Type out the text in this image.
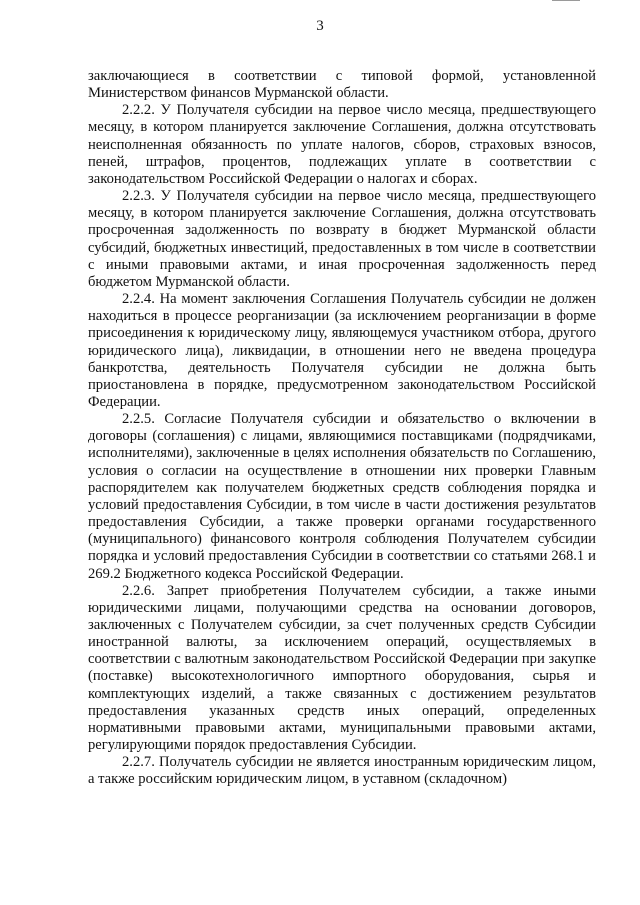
3

заключающиеся в соответствии с типовой формой, установленной Министерством финансов Мурманской области.

2.2.2. У Получателя субсидии на первое число месяца, предшествующего месяцу, в котором планируется заключение Соглашения, должна отсутствовать неисполненная обязанность по уплате налогов, сборов, страховых взносов, пеней, штрафов, процентов, подлежащих уплате в соответствии с законодательством Российской Федерации о налогах и сборах.

2.2.3. У Получателя субсидии на первое число месяца, предшествующего месяцу, в котором планируется заключение Соглашения, должна отсутствовать просроченная задолженность по возврату в бюджет Мурманской области субсидий, бюджетных инвестиций, предоставленных в том числе в соответствии с иными правовыми актами, и иная просроченная задолженность перед бюджетом Мурманской области.

2.2.4. На момент заключения Соглашения Получатель субсидии не должен находиться в процессе реорганизации (за исключением реорганизации в форме присоединения к юридическому лицу, являющемуся участником отбора, другого юридического лица), ликвидации, в отношении него не введена процедура банкротства, деятельность Получателя субсидии не должна быть приостановлена в порядке, предусмотренном законодательством Российской Федерации.

2.2.5. Согласие Получателя субсидии и обязательство о включении в договоры (соглашения) с лицами, являющимися поставщиками (подрядчиками, исполнителями), заключенные в целях исполнения обязательств по Соглашению, условия о согласии на осуществление в отношении них проверки Главным распорядителем как получателем бюджетных средств соблюдения порядка и условий предоставления Субсидии, в том числе в части достижения результатов предоставления Субсидии, а также проверки органами государственного (муниципального) финансового контроля соблюдения Получателем субсидии порядка и условий предоставления Субсидии в соответствии со статьями 268.1 и 269.2 Бюджетного кодекса Российской Федерации.

2.2.6. Запрет приобретения Получателем субсидии, а также иными юридическими лицами, получающими средства на основании договоров, заключенных с Получателем субсидии, за счет полученных средств Субсидии иностранной валюты, за исключением операций, осуществляемых в соответствии с валютным законодательством Российской Федерации при закупке (поставке) высокотехнологичного импортного оборудования, сырья и комплектующих изделий, а также связанных с достижением результатов предоставления указанных средств иных операций, определенных нормативными правовыми актами, муниципальными правовыми актами, регулирующими порядок предоставления Субсидии.

2.2.7. Получатель субсидии не является иностранным юридическим лицом, а также российским юридическим лицом, в уставном (складочном)
